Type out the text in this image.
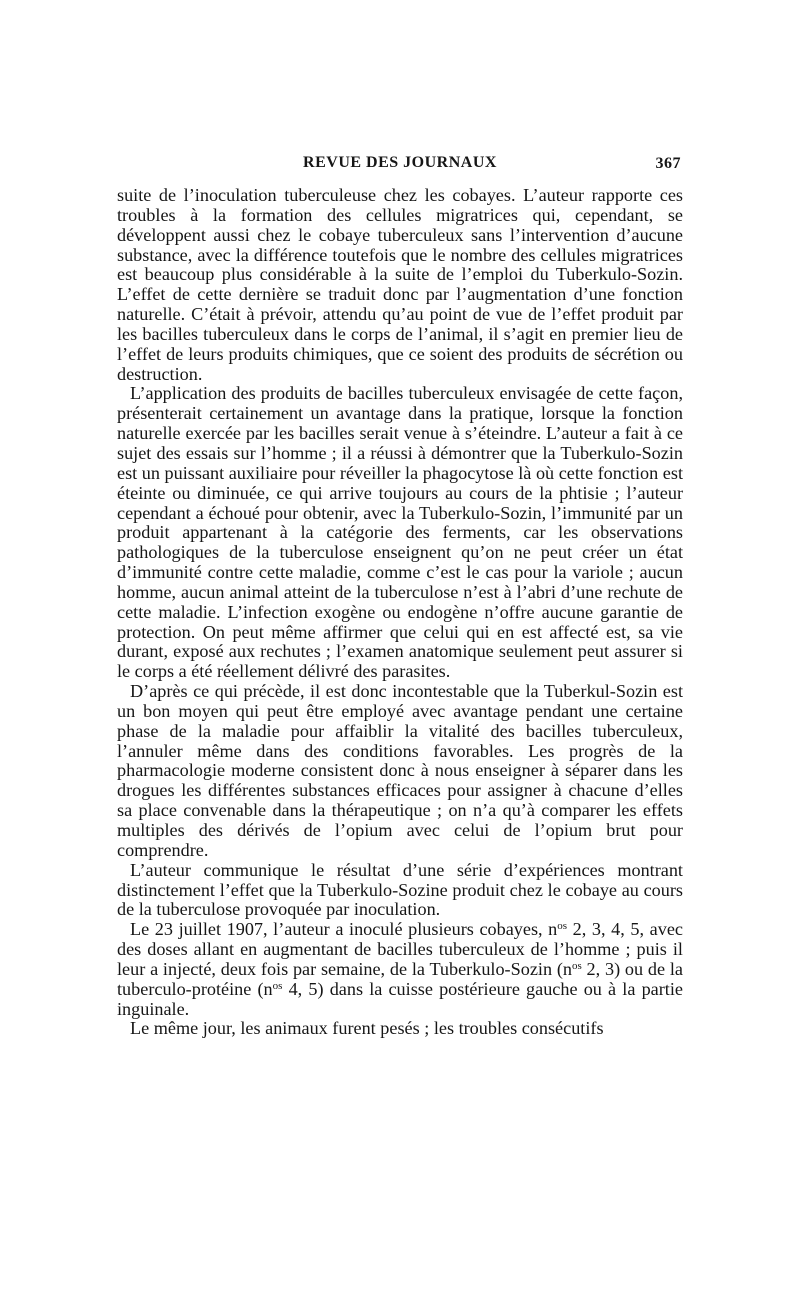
REVUE DES JOURNAUX	367

suite de l’inoculation tuberculeuse chez les cobayes. L’auteur rapporte ces troubles à la formation des cellules migratrices qui, cependant, se développent aussi chez le cobaye tuberculeux sans l’intervention d’aucune substance, avec la différence toutefois que le nombre des cellules migratrices est beaucoup plus considérable à la suite de l’emploi du Tuberkulo-Sozin. L’effet de cette dernière se traduit donc par l’augmentation d’une fonction naturelle. C’était à prévoir, attendu qu’au point de vue de l’effet produit par les bacilles tuberculeux dans le corps de l’animal, il s’agit en premier lieu de l’effet de leurs produits chimiques, que ce soient des produits de sécrétion ou destruction.

L’application des produits de bacilles tuberculeux envisagée de cette façon, présenterait certainement un avantage dans la pratique, lorsque la fonction naturelle exercée par les bacilles serait venue à s’éteindre. L’auteur a fait à ce sujet des essais sur l’homme ; il a réussi à démontrer que la Tuberkulo-Sozin est un puissant auxiliaire pour réveiller la phagocytose là où cette fonction est éteinte ou diminuée, ce qui arrive toujours au cours de la phtisie ; l’auteur cependant a échoué pour obtenir, avec la Tuberkulo-Sozin, l’immunité par un produit appartenant à la catégorie des ferments, car les observations pathologiques de la tuberculose enseignent qu’on ne peut créer un état d’immunité contre cette maladie, comme c’est le cas pour la variole ; aucun homme, aucun animal atteint de la tuberculose n’est à l’abri d’une rechute de cette maladie. L’infection exogène ou endogène n’offre aucune garantie de protection. On peut même affirmer que celui qui en est affecté est, sa vie durant, exposé aux rechutes ; l’examen anatomique seulement peut assurer si le corps a été réellement délivré des parasites.

D’après ce qui précède, il est donc incontestable que la Tuberkul-Sozin est un bon moyen qui peut être employé avec avantage pendant une certaine phase de la maladie pour affaiblir la vitalité des bacilles tuberculeux, l’annuler même dans des conditions favorables. Les progrès de la pharmacologie moderne consistent donc à nous enseigner à séparer dans les drogues les différentes substances efficaces pour assigner à chacune d’elles sa place convenable dans la thérapeutique ; on n’a qu’à comparer les effets multiples des dérivés de l’opium avec celui de l’opium brut pour comprendre.

L’auteur communique le résultat d’une série d’expériences montrant distinctement l’effet que la Tuberkulo-Sozine produit chez le cobaye au cours de la tuberculose provoquée par inoculation.

Le 23 juillet 1907, l’auteur a inoculé plusieurs cobayes, $n^{os}$ 2, 3, 4, 5, avec des doses allant en augmentant de bacilles tuberculeux de l’homme ; puis il leur a injecté, deux fois par semaine, de la Tuberkulo-Sozin ($n^{os}$ 2, 3) ou de la tuberculo-protéine ($n^{os}$ 4, 5) dans la cuisse postérieure gauche ou à la partie inguinale.

Le même jour, les animaux furent pesés ; les troubles consécutifs
